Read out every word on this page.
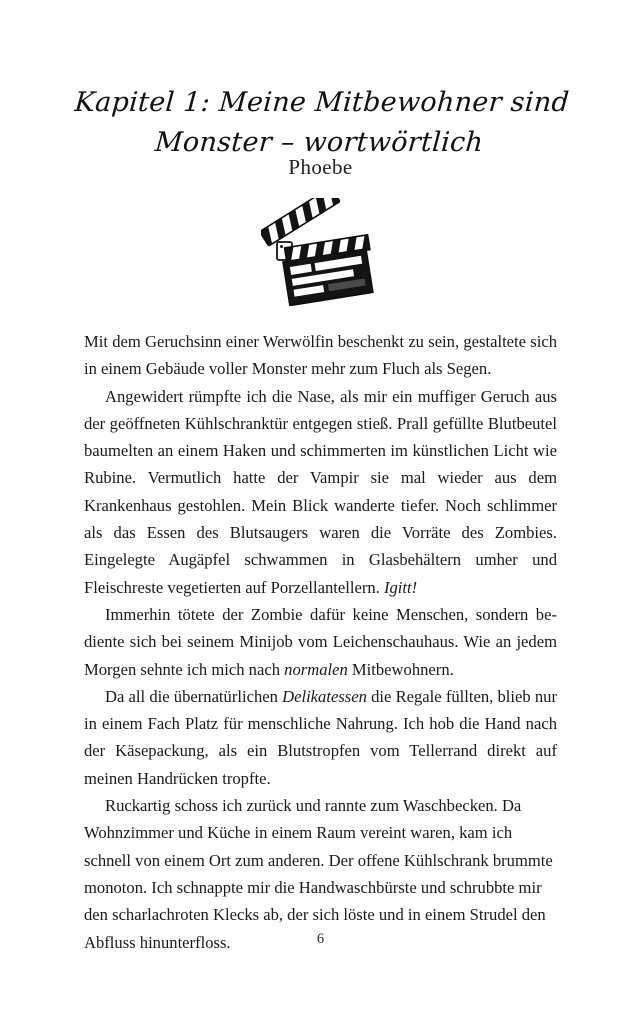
Kapitel 1: Meine Mitbewohner sind
Monster – wortwörtlich
Phoebe

Mit dem Geruchsinn einer Werwölfin beschenkt zu sein, gestaltete sich in einem Gebäude voller Monster mehr zum Fluch als Segen.

Angewidert rümpfte ich die Nase, als mir ein muffiger Geruch aus der geöffneten Kühlschranktür entgegen stieß. Prall gefüllte Blutbeutel baumelten an einem Haken und schimmerten im künstlichen Licht wie Rubine. Vermutlich hatte der Vampir sie mal wieder aus dem Krankenhaus gestohlen. Mein Blick wanderte tiefer. Noch schlimmer als das Essen des Blutsaugers waren die Vorräte des Zombies. Eingelegte Augäpfel schwammen in Glasbehältern umher und Fleischreste vegetierten auf Porzellantellern. Igitt!

Immerhin tötete der Zombie dafür keine Menschen, sondern bediente sich bei seinem Minijob vom Leichenschauhaus. Wie an jedem Morgen sehnte ich mich nach normalen Mitbewohnern.

Da all die übernatürlichen Delikatessen die Regale füllten, blieb nur in einem Fach Platz für menschliche Nahrung. Ich hob die Hand nach der Käsepackung, als ein Blutstropfen vom Tellerrand direkt auf meinen Handrücken tropfte.

Ruckartig schoss ich zurück und rannte zum Waschbecken. Da Wohnzimmer und Küche in einem Raum vereint waren, kam ich schnell von einem Ort zum anderen. Der offene Kühlschrank brummte monoton. Ich schnappte mir die Handwaschbürste und schrubbte mir den scharlachroten Klecks ab, der sich löste und in einem Strudel den Abfluss hinunterfloss.	6
